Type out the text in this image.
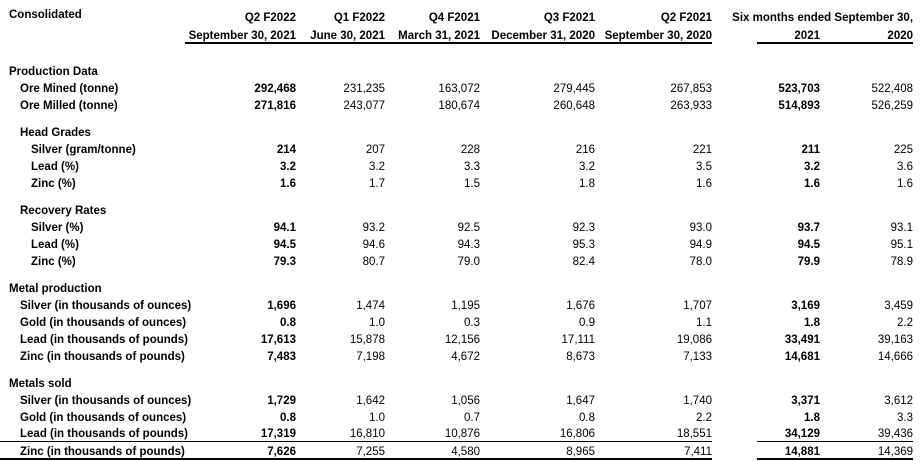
Consolidated	Q2 F2022	Q1 F2022	Q4 F2021	Q3 F2021	Q2 F2021	Six months ended September 30,		
	September 30, 2021	June 30, 2021	March 31, 2021	December 31, 2020	September 30, 2020		2021	2020

Production Data								
Ore Mined (tonne)	292,468	231,235	163,072	279,445	267,853		523,703	522,408
Ore Milled (tonne)	271,816	243,077	180,674	260,648	263,933		514,893	526,259

Head Grades								
Silver (gram/tonne)	214	207	228	216	221		211	225
Lead (%)	3.2	3.2	3.3	3.2	3.5		3.2	3.6
Zinc (%)	1.6	1.7	1.5	1.8	1.6		1.6	1.6

Recovery Rates								
Silver (%)	94.1	93.2	92.5	92.3	93.0		93.7	93.1
Lead (%)	94.5	94.6	94.3	95.3	94.9		94.5	95.1
Zinc (%)	79.3	80.7	79.0	82.4	78.0		79.9	78.9

Metal production								
Silver (in thousands of ounces)	1,696	1,474	1,195	1,676	1,707		3,169	3,459
Gold (in thousands of ounces)	0.8	1.0	0.3	0.9	1.1		1.8	2.2
Lead (in thousands of pounds)	17,613	15,878	12,156	17,111	19,086		33,491	39,163
Zinc (in thousands of pounds)	7,483	7,198	4,672	8,673	7,133		14,681	14,666

Metals sold								
Silver (in thousands of ounces)	1,729	1,642	1,056	1,647	1,740		3,371	3,612
Gold (in thousands of ounces)	0.8	1.0	0.7	0.8	2.2		1.8	3.3
Lead (in thousands of pounds)	17,319	16,810	10,876	16,806	18,551		34,129	39,436
Zinc (in thousands of pounds)	7,626	7,255	4,580	8,965	7,411		14,881	14,369
